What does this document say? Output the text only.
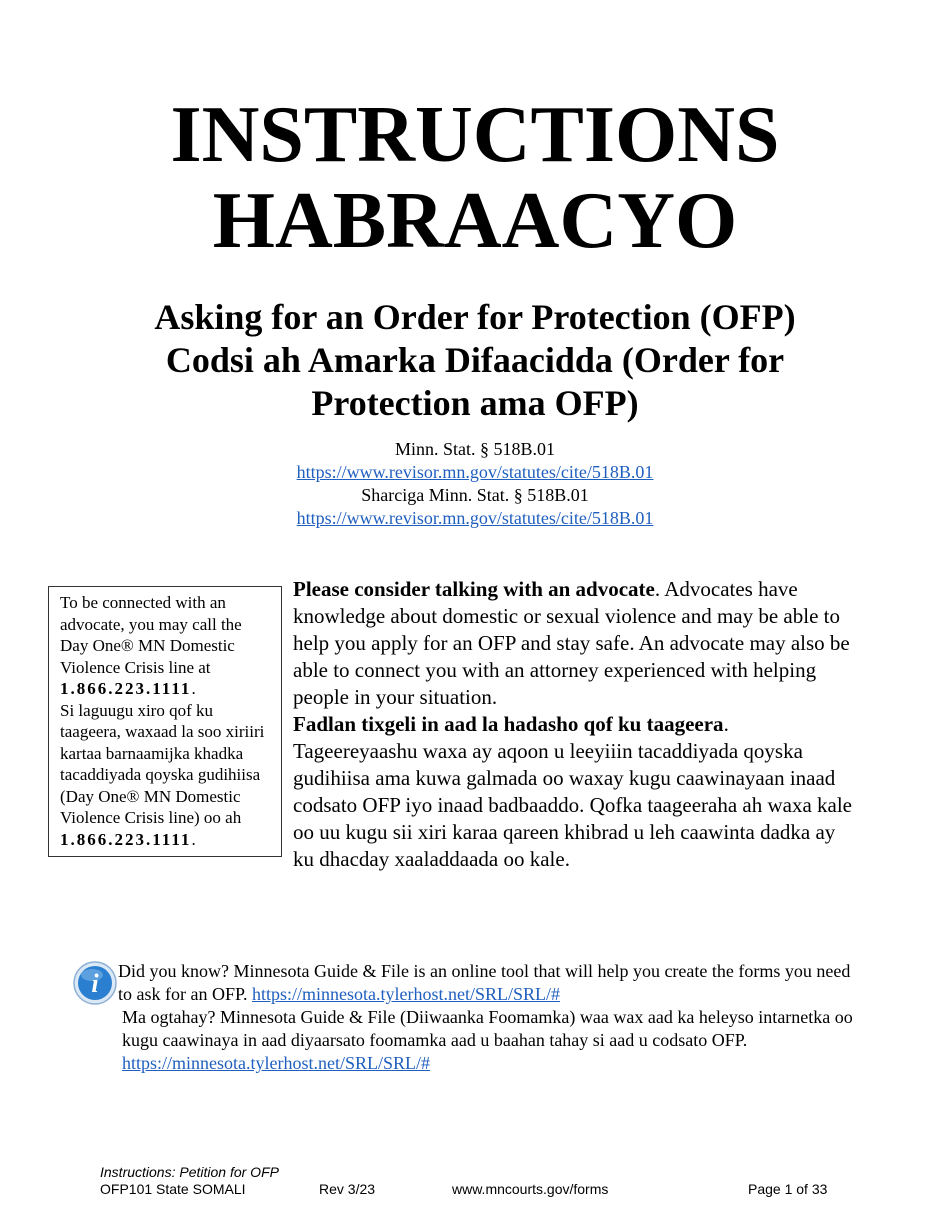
INSTRUCTIONS
HABRAACYO
Asking for an Order for Protection (OFP)
Codsi ah Amarka Difaacidda (Order for
Protection ama OFP)
Minn. Stat. § 518B.01
https://www.revisor.mn.gov/statutes/cite/518B.01
Sharciga Minn. Stat. § 518B.01
https://www.revisor.mn.gov/statutes/cite/518B.01
To be connected with an advocate, you may call the Day One® MN Domestic Violence Crisis line at 1.866.223.1111.
Si laguugu xiro qof ku taageera, waxaad la soo xiriiri kartaa barnaamijka khadka tacaddiyada qoyska gudihiisa (Day One® MN Domestic Violence Crisis line) oo ah 1.866.223.1111.

Please consider talking with an advocate. Advocates have knowledge about domestic or sexual violence and may be able to help you apply for an OFP and stay safe. An advocate may also be able to connect you with an attorney experienced with helping people in your situation.

Fadlan tixgeli in aad la hadasho qof ku taageera. Tageereyaashu waxa ay aqoon u leeyiiin tacaddiyada qoyska gudihiisa ama kuwa galmada oo waxay kugu caawinayaan inaad codsato OFP iyo inaad badbaaddo. Qofka taageeraha ah waxa kale oo uu kugu sii xiri karaa qareen khibrad u leh caawinta dadka ay ku dhacday xaaladdaada oo kale.

i Did you know? Minnesota Guide & File is an online tool that will help you create the forms you need to ask for an OFP. https://minnesota.tylerhost.net/SRL/SRL/#

Ma ogtahay? Minnesota Guide & File (Diiwaanka Foomamka) waa wax aad ka heleyso intarnetka oo kugu caawinaya in aad diyaarsato foomamka aad u baahan tahay si aad u codsato OFP. https://minnesota.tylerhost.net/SRL/SRL/#

Instructions: Petition for OFP
OFP101 State SOMALI	Rev 3/23	www.mncourts.gov/forms	Page 1 of 33
